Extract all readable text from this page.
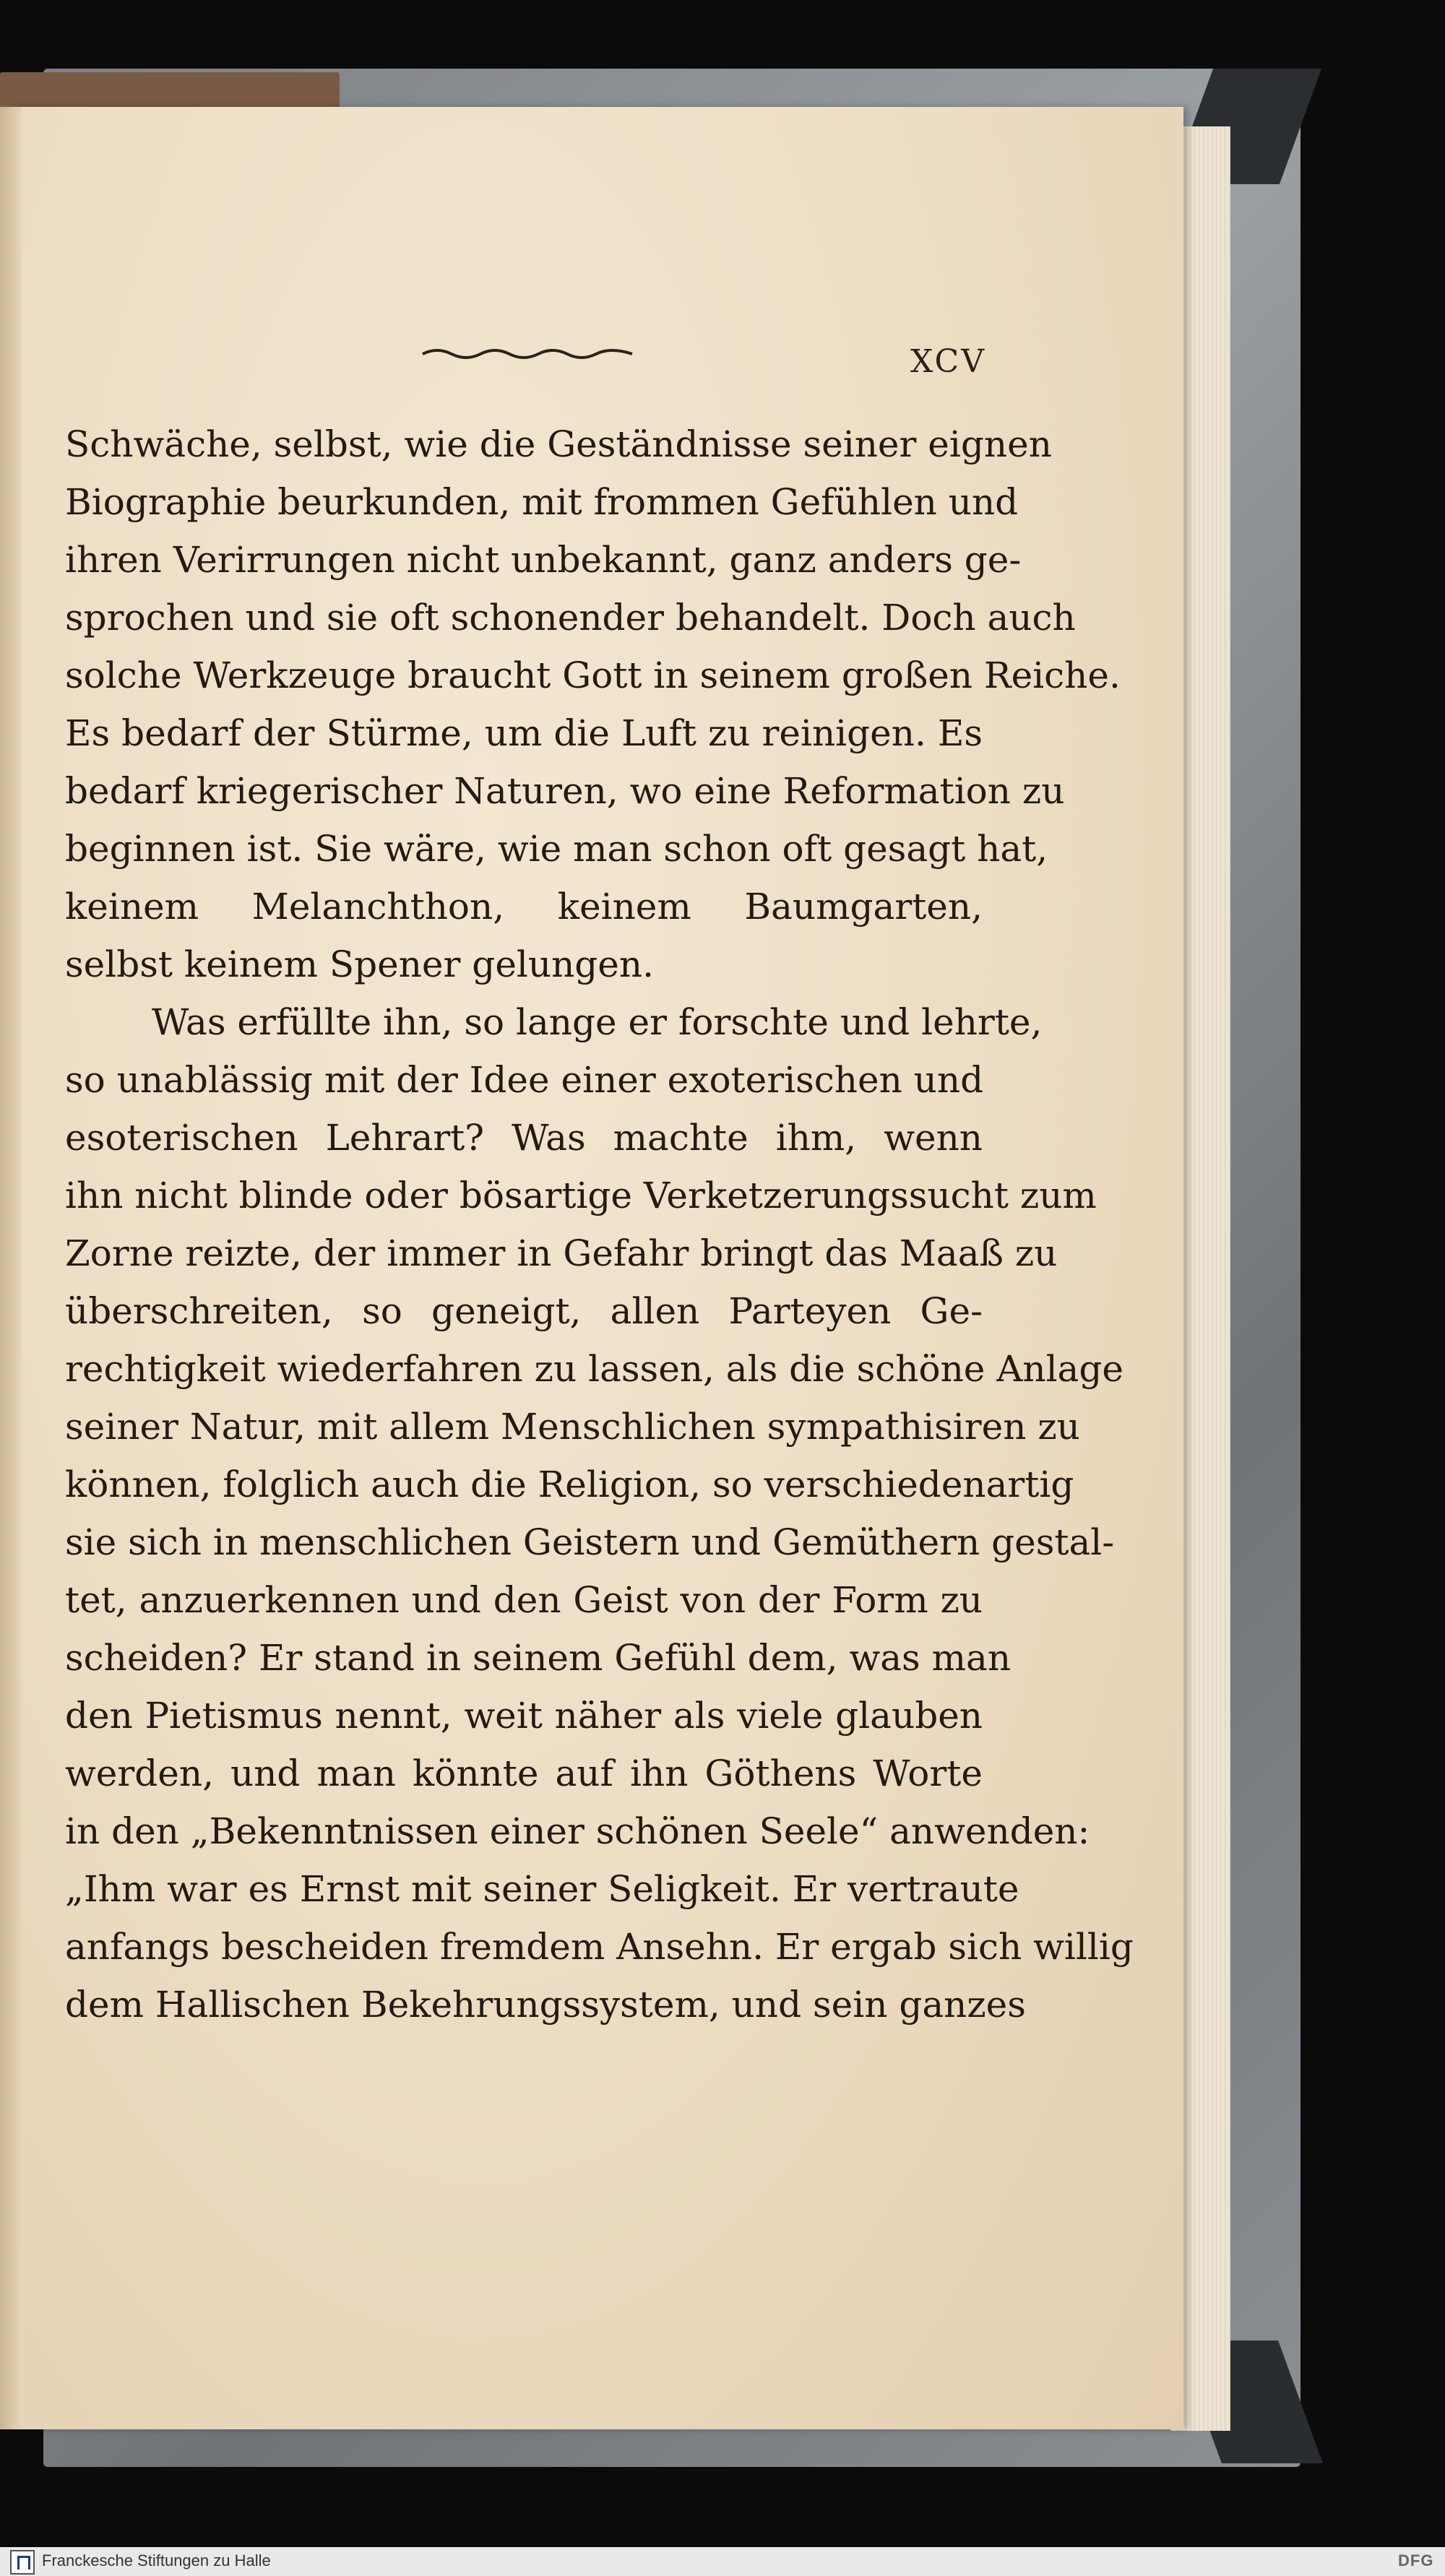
XCV
Schwäche, selbst, wie die Geständnisse seiner eignen
Biographie beurkunden, mit frommen Gefühlen und
ihren Verirrungen nicht unbekannt, ganz anders ge-
sprochen und sie oft schonender behandelt. Doch auch
solche Werkzeuge braucht Gott in seinem großen Reiche.
Es bedarf der Stürme, um die Luft zu reinigen. Es
bedarf kriegerischer Naturen, wo eine Reformation zu
beginnen ist. Sie wäre, wie man schon oft gesagt hat,
keinem Melanchthon, keinem Baumgarten,
selbst keinem Spener gelungen.
Was erfüllte ihn, so lange er forschte und lehrte,
so unablässig mit der Idee einer exoterischen und
esoterischen Lehrart? Was machte ihm, wenn
ihn nicht blinde oder bösartige Verketzerungssucht zum
Zorne reizte, der immer in Gefahr bringt das Maaß zu
überschreiten, so geneigt, allen Parteyen Ge-
rechtigkeit wiederfahren zu lassen, als die schöne Anlage
seiner Natur, mit allem Menschlichen sympathisiren zu
können, folglich auch die Religion, so verschiedenartig
sie sich in menschlichen Geistern und Gemüthern gestal-
tet, anzuerkennen und den Geist von der Form zu
scheiden? Er stand in seinem Gefühl dem, was man
den Pietismus nennt, weit näher als viele glauben
werden, und man könnte auf ihn Göthens Worte
in den „Bekenntnissen einer schönen Seele“ anwenden:
„Ihm war es Ernst mit seiner Seligkeit. Er vertraute
anfangs bescheiden fremdem Ansehn. Er ergab sich willig
dem Hallischen Bekehrungssystem, und sein ganzes
Franckesche Stiftungen zu Halle	DFG
